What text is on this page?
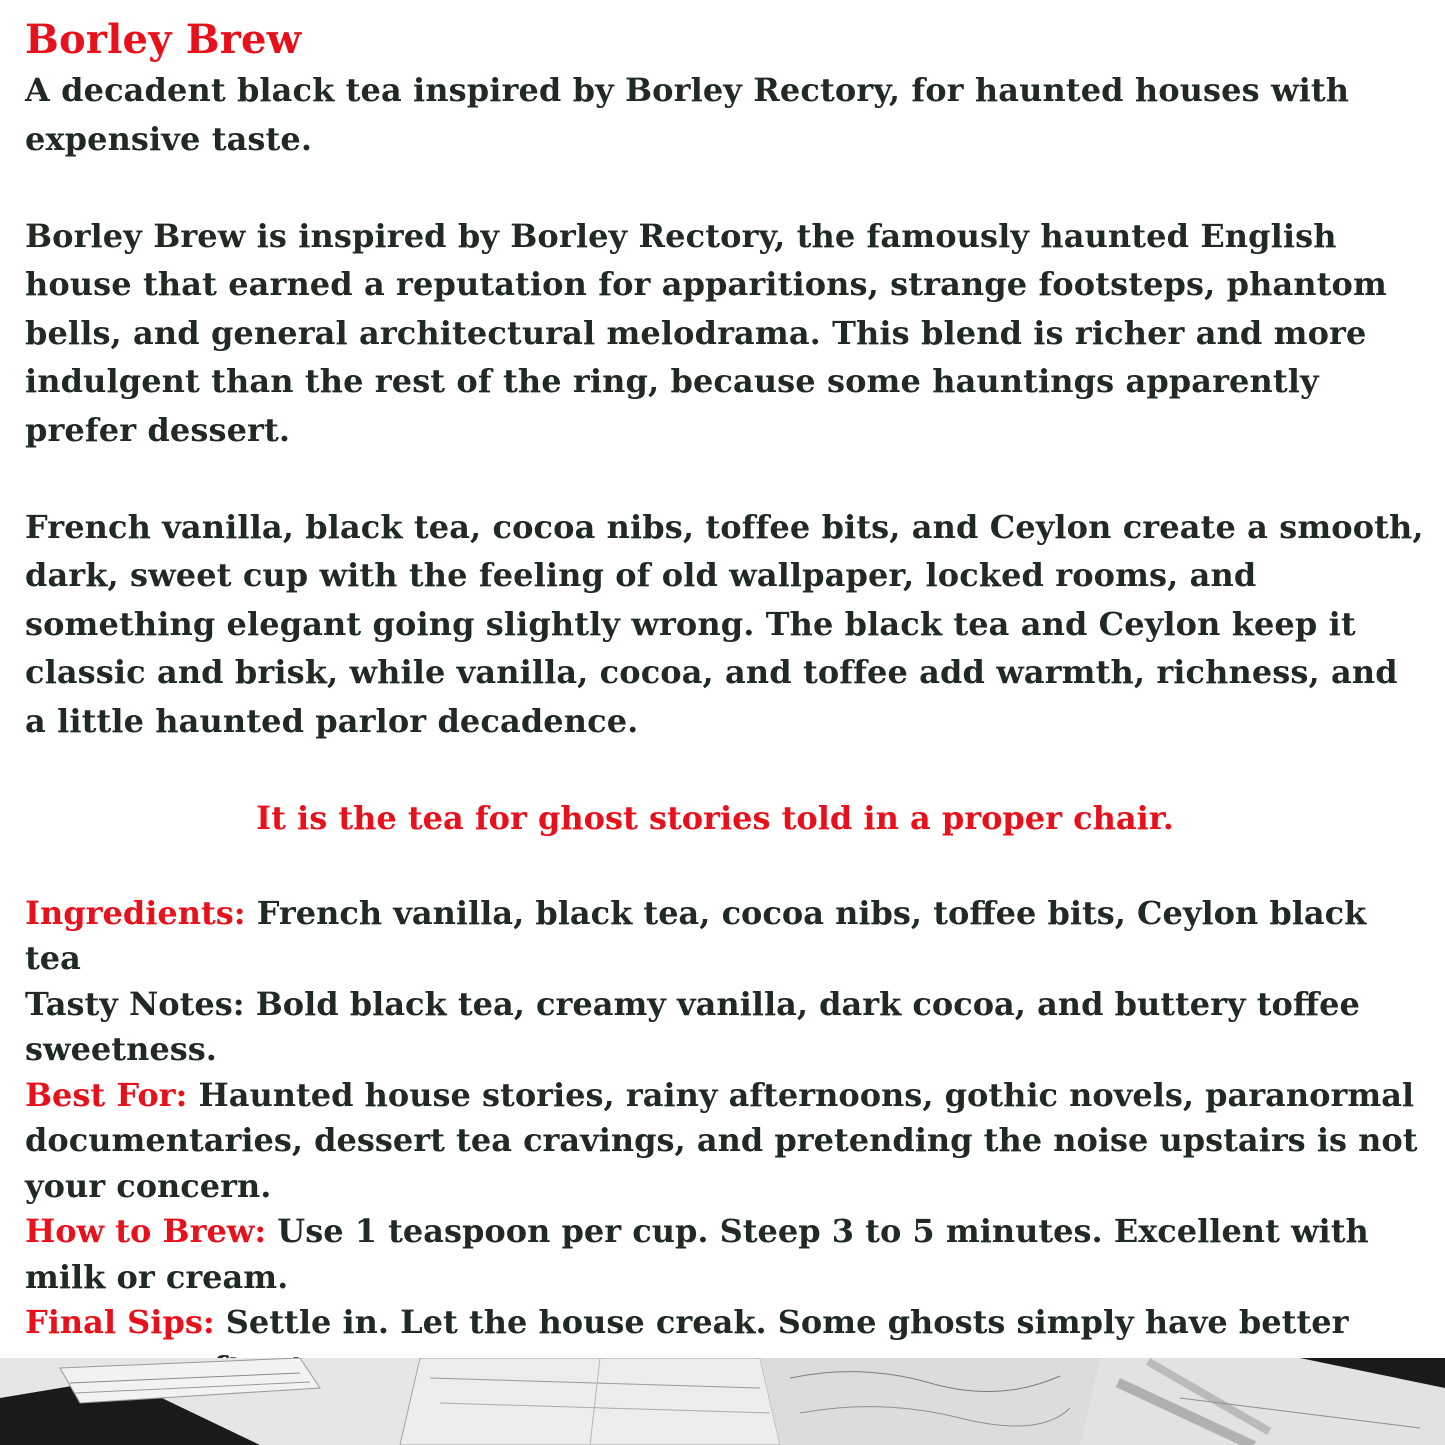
Borley Brew

A decadent black tea inspired by Borley Rectory, for haunted houses with expensive taste.

Borley Brew is inspired by Borley Rectory, the famously haunted English house that earned a reputation for apparitions, strange footsteps, phantom bells, and general architectural melodrama. This blend is richer and more indulgent than the rest of the ring, because some hauntings apparently prefer dessert.

French vanilla, black tea, cocoa nibs, toffee bits, and Ceylon create a smooth, dark, sweet cup with the feeling of old wallpaper, locked rooms, and something elegant going slightly wrong. The black tea and Ceylon keep it classic and brisk, while vanilla, cocoa, and toffee add warmth, richness, and a little haunted parlor decadence.

It is the tea for ghost stories told in a proper chair.

Ingredients: French vanilla, black tea, cocoa nibs, toffee bits, Ceylon black tea

Tasty Notes: Bold black tea, creamy vanilla, dark cocoa, and buttery toffee sweetness.

Best For: Haunted house stories, rainy afternoons, gothic novels, paranormal documentaries, dessert tea cravings, and pretending the noise upstairs is not your concern.

How to Brew: Use 1 teaspoon per cup. Steep 3 to 5 minutes. Excellent with milk or cream.

Final Sips: Settle in. Let the house creak. Some ghosts simply have better
